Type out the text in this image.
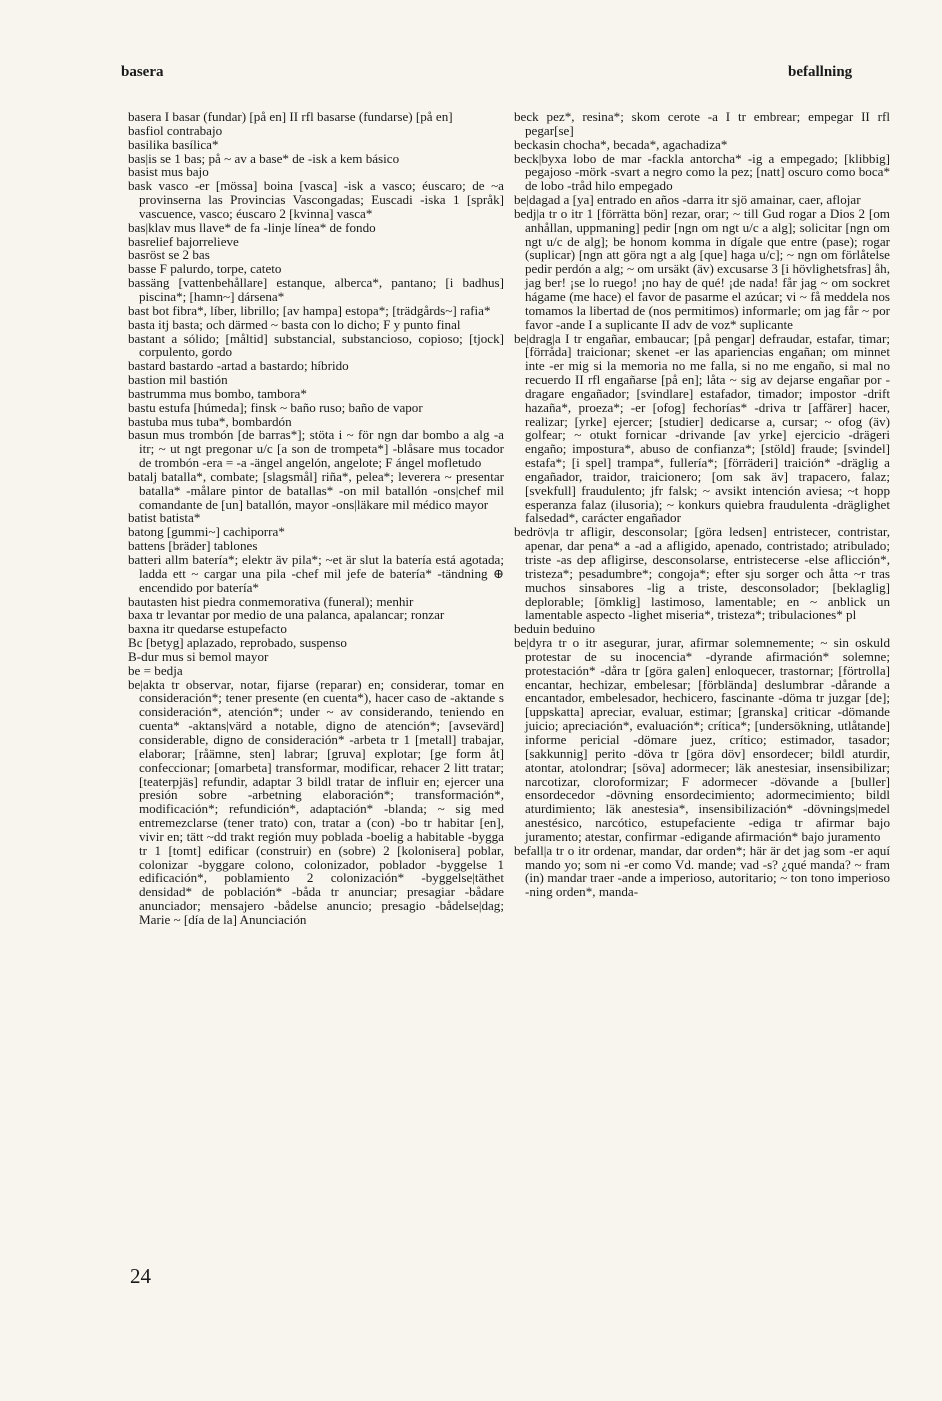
basera	befallning

basera I basar (fundar) [på en] II rfl basarse (fundarse) [på en]

basfiol contrabajo

basilika basílica*

bas|is se 1 bas; på ~ av a base* de -isk a kem básico

basist mus bajo

bask vasco -er [mössa] boina [vasca] -isk a vasco; éuscaro; de ~a provinserna las Provincias Vascongadas; Euscadi -iska 1 [språk] vascuence, vasco; éuscaro 2 [kvinna] vasca*

bas|klav mus llave* de fa -linje línea* de fondo

basrelief bajorrelieve

basröst se 2 bas

basse F palurdo, torpe, cateto

bassäng [vattenbehållare] estanque, alberca*, pantano; [i badhus] piscina*; [hamn~] dársena*

bast bot fibra*, líber, librillo; [av hampa] estopa*; [trädgårds~] rafia*

basta itj basta; och därmed ~ basta con lo dicho; F y punto final

bastant a sólido; [måltid] substancial, substancioso, copioso; [tjock] corpulento, gordo

bastard bastardo -artad a bastardo; híbrido

bastion mil bastión

bastrumma mus bombo, tambora*

bastu estufa [húmeda]; finsk ~ baño ruso; baño de vapor

bastuba mus tuba*, bombardón

basun mus trombón [de barras*]; stöta i ~ för ngn dar bombo a alg -a itr; ~ ut ngt pregonar u/c [a son de trompeta*] -blåsare mus tocador de trombón -era = -a -ängel angelón, angelote; F ángel mofletudo

batalj batalla*, combate; [slagsmål] riña*, pelea*; leverera ~ presentar batalla* -målare pintor de batallas* -on mil batallón -ons|chef mil comandante de [un] batallón, mayor -ons|läkare mil médico mayor

batist batista*

batong [gummi~] cachiporra*

battens [bräder] tablones

batteri allm batería*; elektr äv pila*; ~et är slut la batería está agotada; ladda ett ~ cargar una pila -chef mil jefe de batería* -tändning ⊕ encendido por batería*

bautasten hist piedra conmemorativa (funeral); menhir

baxa tr levantar por medio de una palanca, apalancar; ronzar

baxna itr quedarse estupefacto

Bc [betyg] aplazado, reprobado, suspenso

B-dur mus si bemol mayor

be = bedja

be|akta tr observar, notar, fijarse (reparar) en; considerar, tomar en consideración*; tener presente (en cuenta*), hacer caso de -aktande s consideración*, atención*; under ~ av considerando, teniendo en cuenta* -aktans|värd a notable, digno de atención*; [avsevärd] considerable, digno de consideración* -arbeta tr 1 [metall] trabajar, elaborar; [råämne, sten] labrar; [gruva] explotar; [ge form åt] confeccionar; [omarbeta] transformar, modificar, rehacer 2 litt tratar; [teaterpjäs] refundir, adaptar 3 bildl tratar de influir en; ejercer una presión sobre -arbetning elaboración*; transformación*, modificación*; refundición*, adaptación* -blanda; ~ sig med entremezclarse (tener trato) con, tratar a (con) -bo tr habitar [en], vivir en; tätt ~dd trakt región muy poblada -boelig a habitable -bygga tr 1 [tomt] edificar (construir) en (sobre) 2 [kolonisera] poblar, colonizar -byggare colono, colonizador, poblador -byggelse 1 edificación*, poblamiento 2 colonización* -byggelse|täthet densidad* de población* -båda tr anunciar; presagiar -bådare anunciador; mensajero -bådelse anuncio; presagio -bådelse|dag; Marie ~ [día de la] Anunciación

beck pez*, resina*; skom cerote -a I tr embrear; empegar II rfl pegar[se]

beckasin chocha*, becada*, agachadiza*

beck|byxa lobo de mar -fackla antorcha* -ig a empegado; [klibbig] pegajoso -mörk -svart a negro como la pez; [natt] oscuro como boca* de lobo -tråd hilo empegado

be|dagad a [ya] entrado en años -darra itr sjö amainar, caer, aflojar

bedj|a tr o itr 1 [förrätta bön] rezar, orar; ~ till Gud rogar a Dios 2 [om anhållan, uppmaning] pedir [ngn om ngt u/c a alg]; solicitar [ngn om ngt u/c de alg]; be honom komma in dígale que entre (pase); rogar (suplicar) [ngn att göra ngt a alg [que] haga u/c]; ~ ngn om förlåtelse pedir perdón a alg; ~ om ursäkt (äv) excusarse 3 [i hövlighetsfras] åh, jag ber! ¡se lo ruego! ¡no hay de qué! ¡de nada! får jag ~ om sockret hágame (me hace) el favor de pasarme el azúcar; vi ~ få meddela nos tomamos la libertad de (nos permitimos) informarle; om jag får ~ por favor -ande I a suplicante II adv de voz* suplicante

be|drag|a I tr engañar, embaucar; [på pengar] defraudar, estafar, timar; [förråda] traicionar; skenet -er las apariencias engañan; om minnet inte -er mig si la memoria no me falla, si no me engaño, si mal no recuerdo II rfl engañarse [på en]; låta ~ sig av dejarse engañar por -dragare engañador; [svindlare] estafador, timador; impostor -drift hazaña*, proeza*; -er [ofog] fechorías* -driva tr [affärer] hacer, realizar; [yrke] ejercer; [studier] dedicarse a, cursar; ~ ofog (äv) golfear; ~ otukt fornicar -drivande [av yrke] ejercicio -drägeri engaño; impostura*, abuso de confianza*; [stöld] fraude; [svindel] estafa*; [i spel] trampa*, fullería*; [förräderi] traición* -dräglig a engañador, traidor, traicionero; [om sak äv] trapacero, falaz; [svekfull] fraudulento; jfr falsk; ~ avsikt intención aviesa; ~t hopp esperanza falaz (ilusoria); ~ konkurs quiebra fraudulenta -dräglighet falsedad*, carácter engañador

bedröv|a tr afligir, desconsolar; [göra ledsen] entristecer, contristar, apenar, dar pena* a -ad a afligido, apenado, contristado; atribulado; triste -as dep afligirse, desconsolarse, entristecerse -else aflicción*, tristeza*; pesadumbre*; congoja*; efter sju sorger och åtta ~r tras muchos sinsabores -lig a triste, desconsolador; [beklaglig] deplorable; [ömklig] lastimoso, lamentable; en ~ anblick un lamentable aspecto -lighet miseria*, tristeza*; tribulaciones* pl

beduin beduino

be|dyra tr o itr asegurar, jurar, afirmar solemnemente; ~ sin oskuld protestar de su inocencia* -dyrande afirmación* solemne; protestación* -dåra tr [göra galen] enloquecer, trastornar; [förtrolla] encantar, hechizar, embelesar; [förblända] deslumbrar -dårande a encantador, embelesador, hechicero, fascinante -döma tr juzgar [de]; [uppskatta] apreciar, evaluar, estimar; [granska] criticar -dömande juicio; apreciación*, evaluación*; crítica*; [undersökning, utlåtande] informe pericial -dömare juez, crítico; estimador, tasador; [sakkunnig] perito -döva tr [göra döv] ensordecer; bildl aturdir, atontar, atolondrar; [söva] adormecer; läk anestesiar, insensibilizar; narcotizar, cloroformizar; F adormecer -dövande a [buller] ensordecedor -dövning ensordecimiento; adormecimiento; bildl aturdimiento; läk anestesia*, insensibilización* -dövnings|medel anestésico, narcótico, estupefaciente -ediga tr afirmar bajo juramento; atestar, confirmar -edigande afirmación* bajo juramento

befall|a tr o itr ordenar, mandar, dar orden*; här är det jag som -er aquí mando yo; som ni -er como Vd. mande; vad -s? ¿qué manda? ~ fram (in) mandar traer -ande a imperioso, autoritario; ~ ton tono imperioso -ning orden*, manda-

24
